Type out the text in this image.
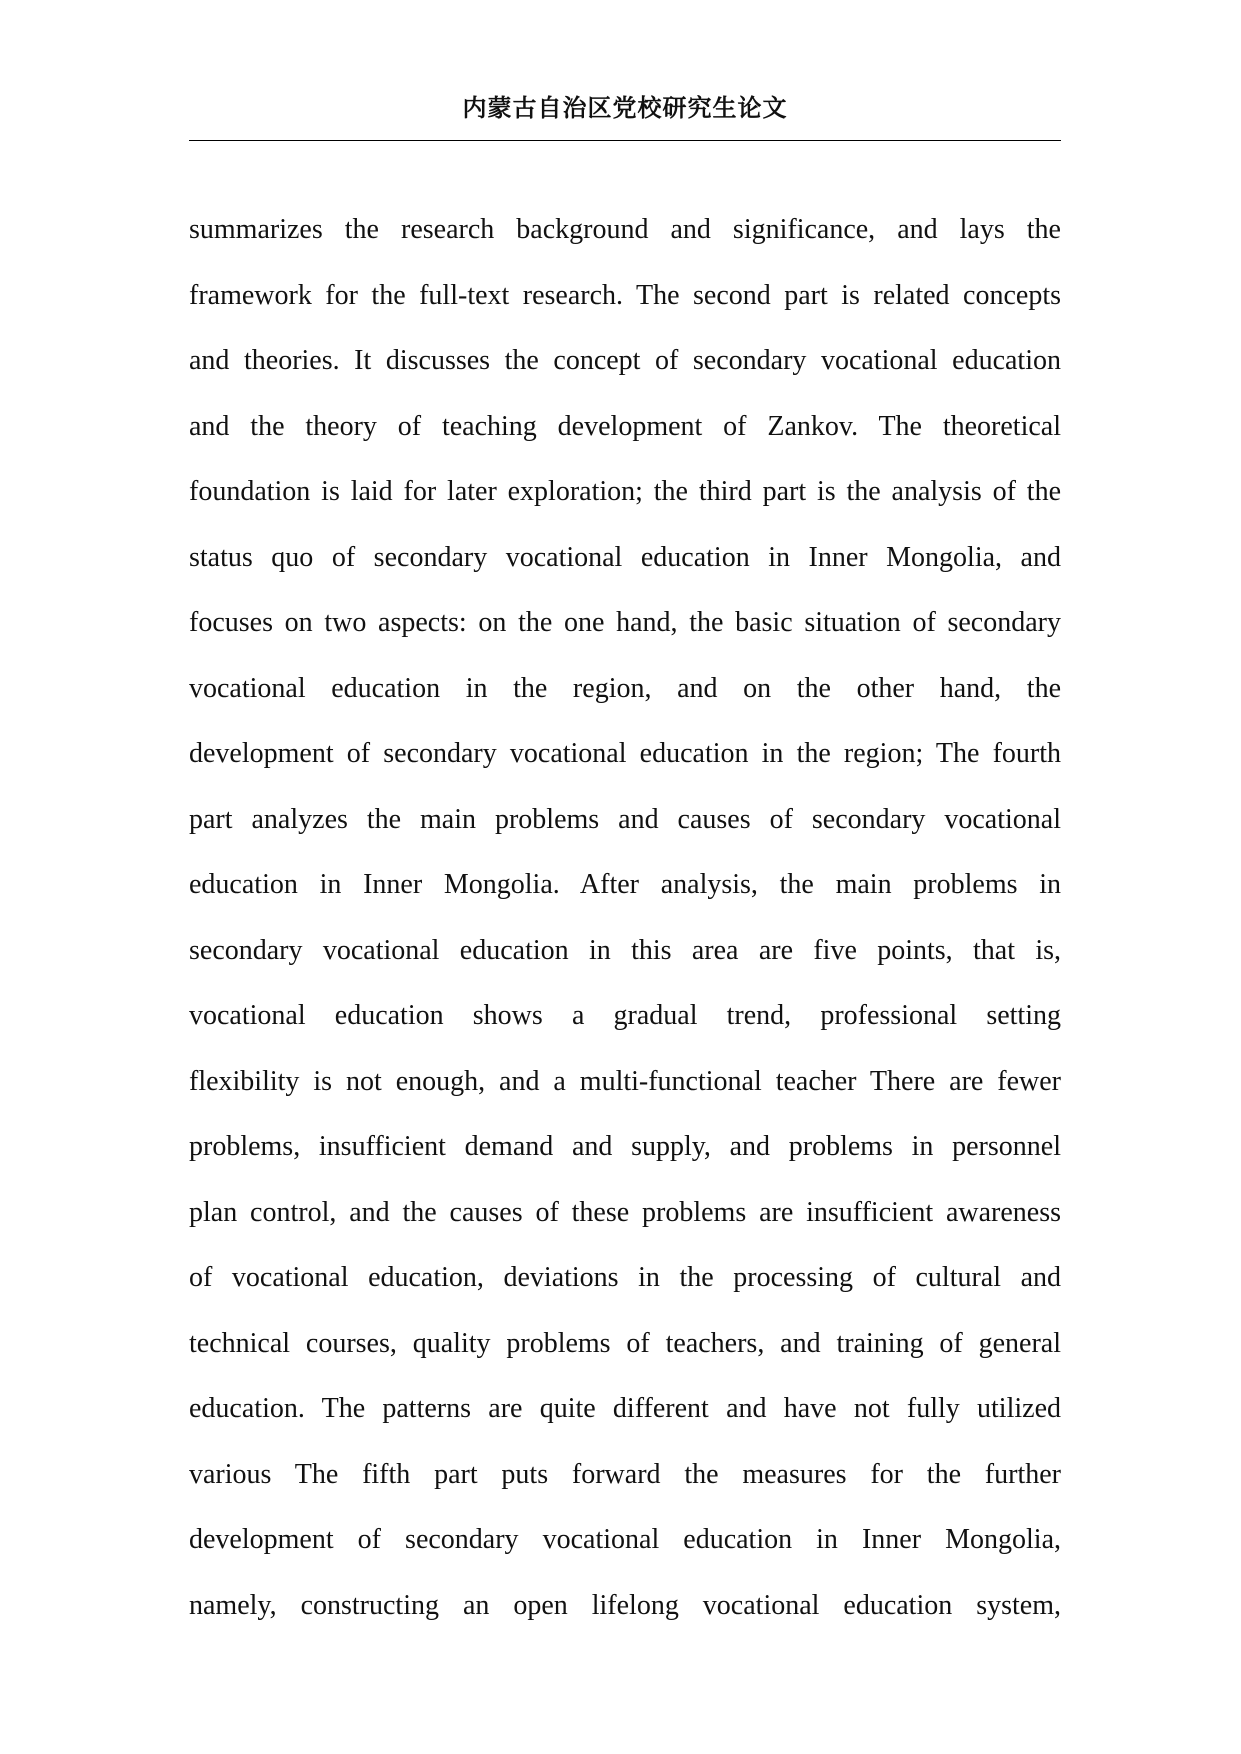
内蒙古自治区党校研究生论文
summarizes the research background and significance, and lays the
framework for the full-text research. The second part is related concepts
and theories. It discusses the concept of secondary vocational education
and the theory of teaching development of Zankov. The theoretical
foundation is laid for later exploration; the third part is the analysis of the
status quo of secondary vocational education in Inner Mongolia, and
focuses on two aspects: on the one hand, the basic situation of secondary
vocational education in the region, and on the other hand, the
development of secondary vocational education in the region; The fourth
part analyzes the main problems and causes of secondary vocational
education in Inner Mongolia. After analysis, the main problems in
secondary vocational education in this area are five points, that is,
vocational education shows a gradual trend, professional setting
flexibility is not enough, and a multi-functional teacher There are fewer
problems, insufficient demand and supply, and problems in personnel
plan control, and the causes of these problems are insufficient awareness
of vocational education, deviations in the processing of cultural and
technical courses, quality problems of teachers, and training of general
education. The patterns are quite different and have not fully utilized
various The fifth part puts forward the measures for the further
development of secondary vocational education in Inner Mongolia,
namely, constructing an open lifelong vocational education system,
